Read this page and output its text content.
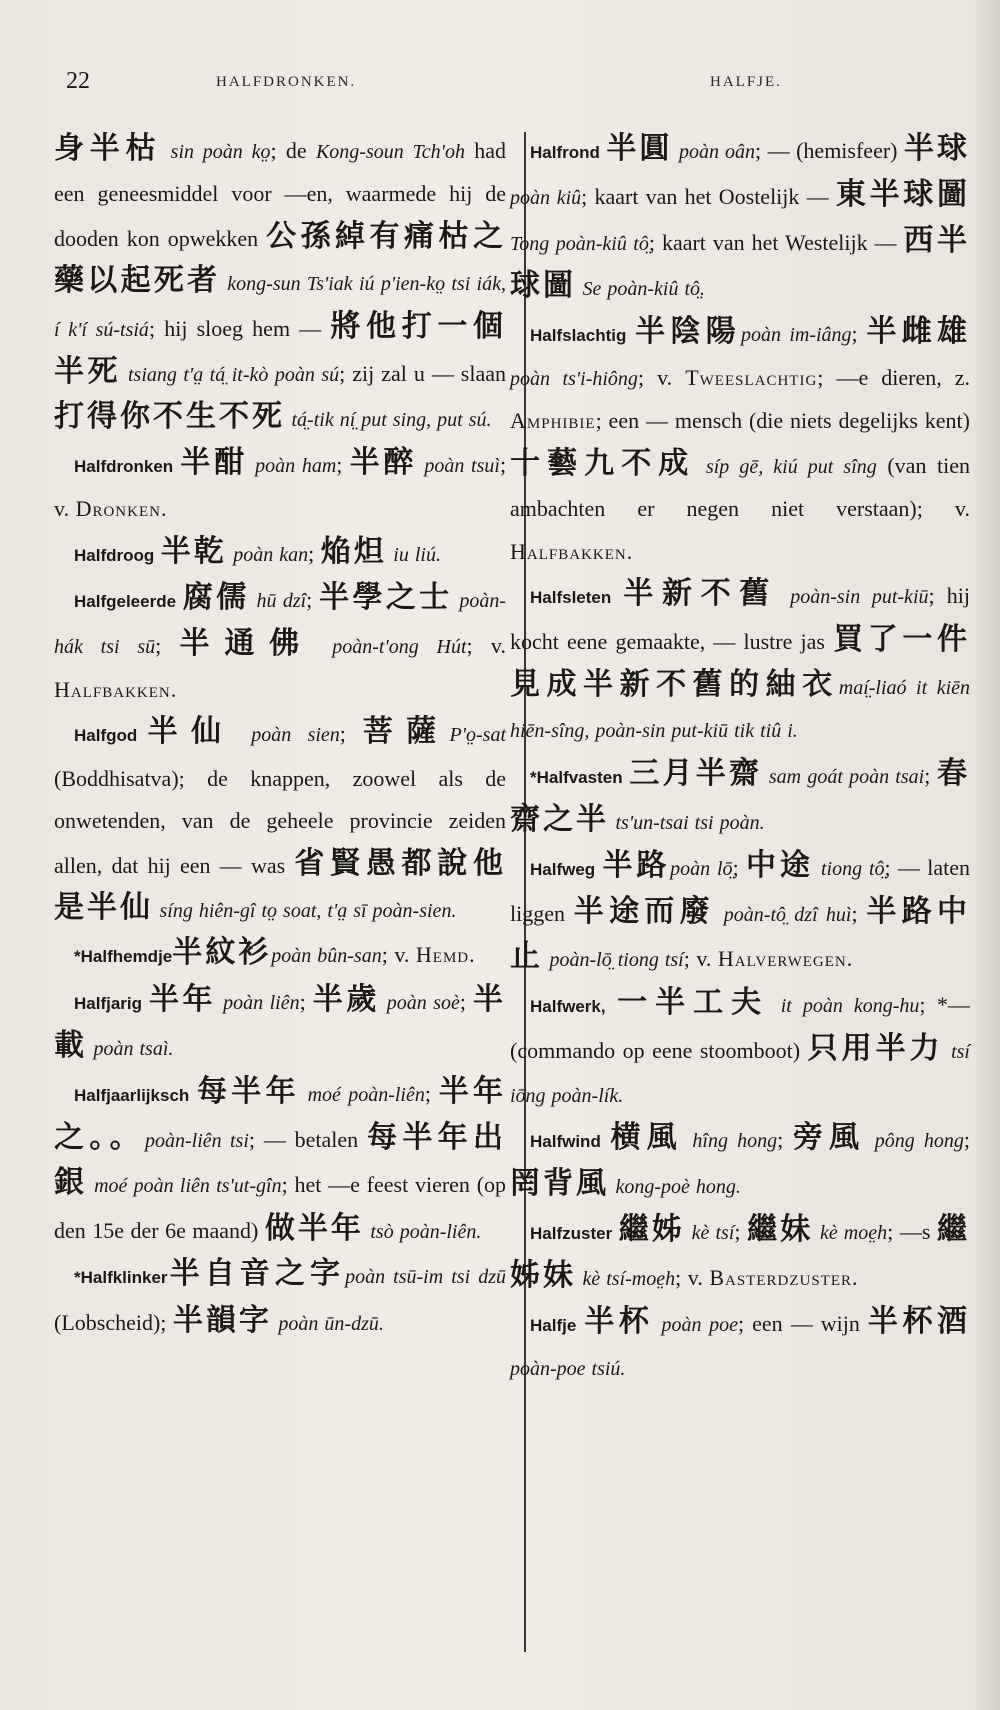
22	HALFDRONKEN.	HALFJE.

身半枯 sin poàn ko̤; de Kong-soun Tch'oh had een geneesmiddel voor —en, waarmede hij de dooden kon opwekken 公孫綽有痛枯之藥以起死者 kong-sun Ts'iak iú p'ien-ko̤ tsi iák, í k'í sú-tsiá; hij sloeg hem — 將他打一個半死 tsiang t'a̤ tá̤ it-kò poàn sú; zij zal u — slaan 打得你不生不死 tá̤-tik ní̤ put sing, put sú.

Halfdronken 半酣 poàn ham; 半醉 poàn tsuì; v. Dronken.

Halfdroog 半乾 poàn kan; 焔炟 iu liú.

Halfgeleerde 腐儒 hū dzî; 半學之士 poàn-hák tsi sū; 半通佛 poàn-t'ong Hút; v. Halfbakken.

Halfgod半仙 poàn sien; 菩薩P'o̤-sat (Boddhisatva); de knappen, zoowel als de onwetenden, van de geheele provincie zeiden allen, dat hij een — was 省賢愚都說他是半仙 síng hiên-gî to̤ soat, t'a̤ sī poàn-sien.

*Halfhemdje半紋衫poàn bûn-san; v. Hemd.

Halfjarig 半年 poàn liên; 半歲 poàn soè; 半載 poàn tsaì.

Halfjaarlijksch 每半年 moé poàn-liên; 半年之。。poàn-liên tsi; — betalen 每半年出銀 moé poàn liên ts'ut-gîn; het —e feest vieren (op den 15e der 6e maand) 做半年 tsò poàn-liên.

*Halfklinker半自音之字poàn tsū-im tsi dzū (Lobscheid); 半韻字 poàn ūn-dzū.

Halfrond 半圓 poàn oân; — (hemisfeer) 半球 poàn kiû; kaart van het Oostelijk — 東半球圖 Tong poàn-kiû tô̤; kaart van het Westelijk — 西半球圖 Se poàn-kiû tô̤.

Halfslachtig 半陰陽poàn im-iâng; 半雌雄poàn ts'i-hiông; v. Tweeslachtig; —e dieren, z. Amphibie; een — mensch (die niets degelijks kent) 十藝九不成 síp gē, kiú put sîng (van tien ambachten er negen niet verstaan); v. Halfbakken.

Halfsleten 半新不舊 poàn-sin put-kiū; hij kocht eene gemaakte, — lustre jas 買了一件見成半新不舊的紬衣maí̤-liaó it kiēn hiēn-sîng, poàn-sin put-kiū tik tiû i.

*Halfvasten 三月半齋 sam goát poàn tsai; 春齋之半 ts'un-tsai tsi poàn.

Halfweg 半路poàn lō̤; 中途 tiong tô̤; — laten liggen 半途而廢 poàn-tô̤ dzî huì; 半路中止 poàn-lō̤ tiong tsí; v. Halverwegen.

Halfwerk, 一半工夫 it poàn kong-hu; *— (commando op eene stoomboot) 只用半力 tsí iōng poàn-lík.

Halfwind 横風 hîng hong; 旁風 pông hong; 罔背風 kong-poè hong.

Halfzuster 繼姊 kè tsí; 繼妹 kè moe̤h; —s 繼姊妹 kè tsí-moe̤h; v. Basterdzuster.

Halfje 半杯 poàn poe; een — wijn 半杯酒 poàn-poe tsiú.
